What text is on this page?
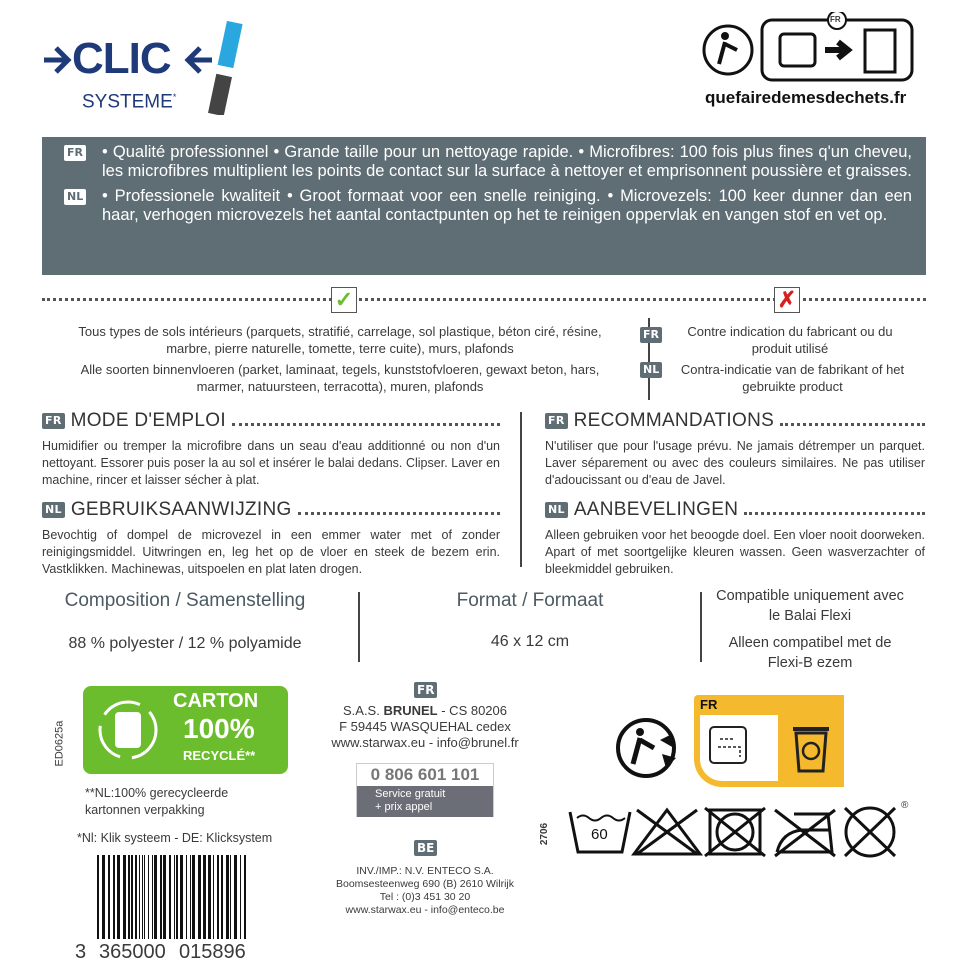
CLIC
SYSTEME*
FR
quefairedemesdechets.fr

FR • Qualité professionnel • Grande taille pour un nettoyage rapide. • Microfibres: 100 fois plus fines q'un cheveu, les microfibres multiplient les points de contact sur la surface à nettoyer et emprisonnent poussière et graisses.

NL • Professionele kwaliteit • Groot formaat voor een snelle reiniging. • Microvezels: 100 keer dunner dan een haar, verhogen microvezels het aantal contactpunten op het te reinigen oppervlak en vangen stof en vet op.

✓	✗
Tous types de sols intérieurs (parquets, stratifié, carrelage, sol plastique, béton ciré, résine, marbre, pierre naturelle, tomette, terre cuite), murs, plafonds
Alle soorten binnenvloeren (parket, laminaat, tegels, kunststofvloeren, gewaxt beton, hars, marmer, natuursteen, terracotta), muren, plafonds
FR
NL
Contre indication du fabricant ou du produit utilisé
Contra-indicatie van de fabrikant of het gebruikte product
FR MODE D'EMPLOI

Humidifier ou tremper la microfibre dans un seau d'eau additionné ou non d'un nettoyant. Essorer puis poser la au sol et insérer le balai dedans. Clipser. Laver en machine, rincer et laisser sécher à plat.

NL GEBRUIKSAANWIJZING

Bevochtig of dompel de microvezel in een emmer water met of zonder reinigingsmiddel. Uitwringen en, leg het op de vloer en steek de bezem erin. Vastklikken. Machinewas, uitspoelen en plat laten drogen.

FR RECOMMANDATIONS

N'utiliser que pour l'usage prévu. Ne jamais détremper un parquet. Laver séparement ou avec des couleurs similaires. Ne pas utiliser d'adoucissant ou d'eau de Javel.

NL AANBEVELINGEN

Alleen gebruiken voor het beoogde doel. Een vloer nooit doorweken. Apart of met soortgelijke kleuren wassen. Geen wasverzachter of bleekmiddel gebruiken.

Composition / Samenstelling
88 % polyester / 12 % polyamide
Format / Formaat
46 x 12 cm
Compatible uniquement avec le Balai Flexi
Alleen compatibel met de Flexi-B ezem
ED0625a
CARTON
100%
RECYCLÉ**
**NL:100% gerecycleerde kartonnen verpakking
*Nl: Klik systeem - DE: Klicksystem
3 365000 015896
FR
S.A.S. BRUNEL - CS 80206
F 59445 WASQUEHAL cedex
www.starwax.eu - info@brunel.fr
0 806 601 101
Service gratuit
+ prix appel
BE
INV./IMP.: N.V. ENTECO S.A.
Boomsesteenweg 690 (B) 2610 Wilrijk
Tel : (0)3 451 30 20
www.starwax.eu - info@enteco.be
2706
FR
60
®
